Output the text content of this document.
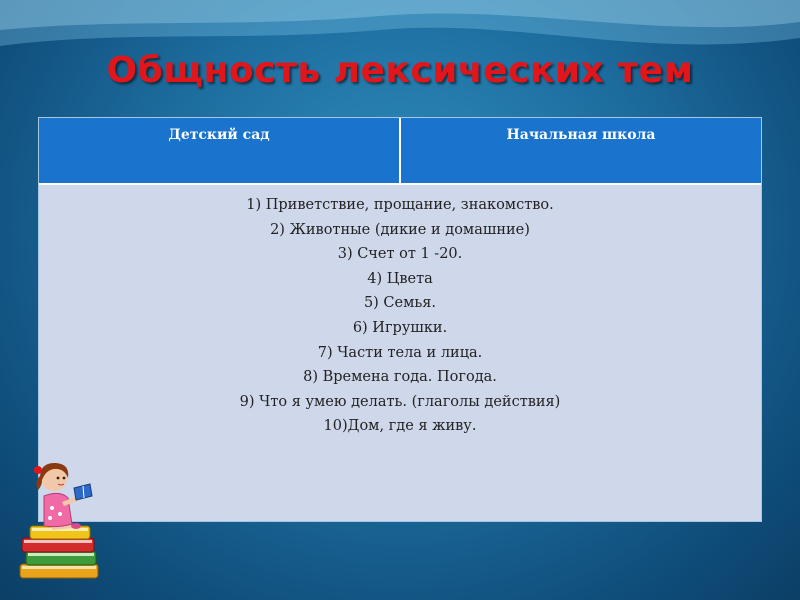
Общность лексических тем
Детский сад	Начальная школа
1) Приветствие, прощание, знакомство.
2) Животные (дикие и домашние)
3) Счет от 1 -20.
4) Цвета
5) Семья.
6) Игрушки.
7) Части тела и лица.
8) Времена года. Погода.
9) Что я умею делать. (глаголы действия)
10)Дом, где я живу.
